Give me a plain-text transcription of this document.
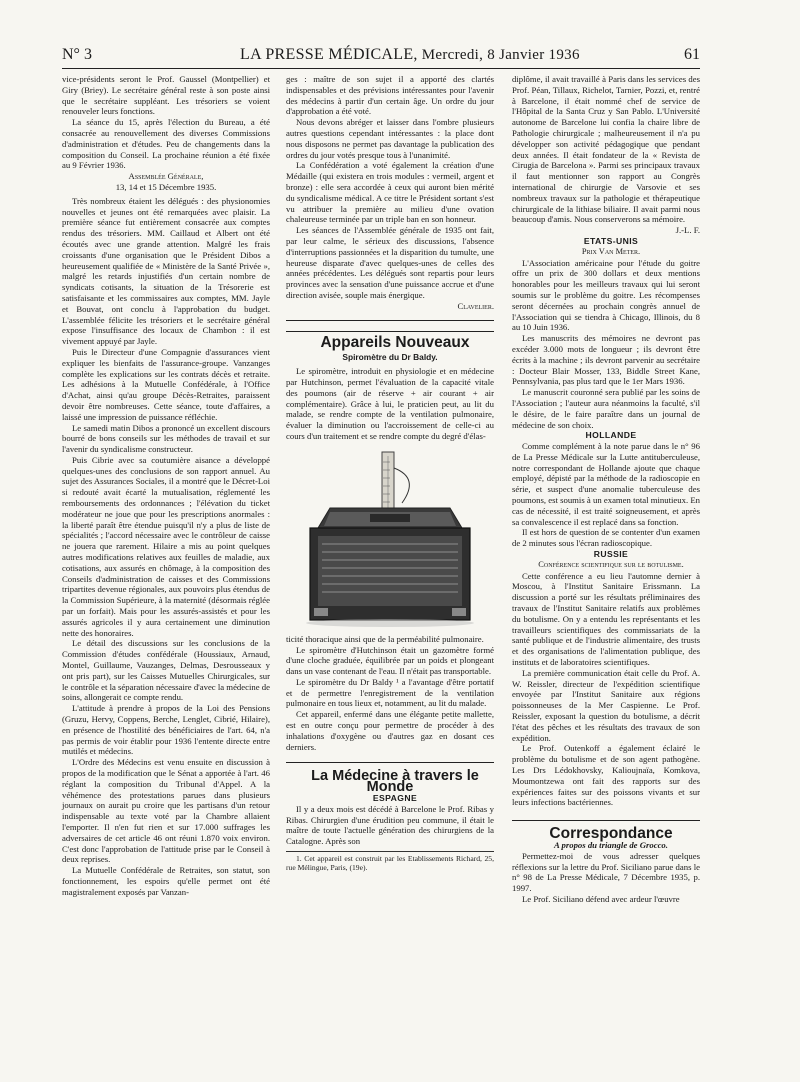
N° 3	LA PRESSE MÉDICALE, Mercredi, 8 Janvier 1936	61

vice-présidents seront le Prof. Gaussel (Montpellier) et Giry (Briey). Le secrétaire général reste à son poste ainsi que le secrétaire suppléant. Les trésoriers se voient renouveler leurs fonctions.

La séance du 15, après l'élection du Bureau, a été consacrée au renouvellement des diverses Commissions d'administration et d'études. Peu de changements dans la composition du Conseil. La prochaine réunion a été fixée au 9 Février 1936.

Assemblée Générale,

13, 14 et 15 Décembre 1935.

Très nombreux étaient les délégués : des physionomies nouvelles et jeunes ont été remarquées avec plaisir. La première séance fut entièrement consacrée aux comptes rendus des trésoriers. MM. Caillaud et Albert ont été écoutés avec une grande attention. Malgré les frais croissants d'une organisation que le Président Dibos a heureusement qualifiée de « Ministère de la Santé Privée », malgré les retards injustifiés d'un certain nombre de syndicats cotisants, la situation de la Trésorerie est satisfaisante et les commissaires aux comptes, MM. Jayle et Bouvat, ont conclu à l'approbation du budget. L'assemblée félicite les trésoriers et le secrétaire général expose l'insuffisance des locaux de Chambon : il est vivement appuyé par Jayle.

Puis le Directeur d'une Compagnie d'assurances vient expliquer les bienfaits de l'assurance-groupe. Vanzanges complète les explications sur les contrats décès et retraite. Les adhésions à la Mutuelle Confédérale, à l'Office d'Achat, ainsi qu'au groupe Décès-Retraites, paraissent devoir être nombreuses. Cette séance, toute d'affaires, a laissé une impression de puissance réfléchie.

Le samedi matin Dibos a prononcé un excellent discours bourré de bons conseils sur les méthodes de travail et sur l'avenir du syndicalisme constructeur.

Puis Cibrie avec sa coutumière aisance a développé quelques-unes des conclusions de son rapport annuel. Au sujet des Assurances Sociales, il a montré que le Décret-Loi si redouté avait écarté la mutualisation, réglementé les remboursements des ordonnances ; l'élévation du ticket modérateur ne joue que pour les prescriptions anormales : la liberté paraît être étendue puisqu'il n'y a plus de liste de spécialités ; l'accord nécessaire avec le contrôleur de caisse ne jouera que rarement. Hilaire a mis au point quelques autres modifications relatives aux feuilles de maladie, aux cotisations, aux assurés en chômage, à la composition des Conseils d'administration de caisses et des Commissions tripartites devenue régionales, aux pouvoirs plus étendus de la Commission Supérieure, à la maternité (désormais réglée par un forfait). Mais pour les assurés-assistés et pour les assurés agricoles il y aura certainement une diminution nette des honoraires.

Le détail des discussions sur les conclusions de la Commission d'études confédérale (Houssiaux, Arnaud, Montel, Guillaume, Vauzanges, Delmas, Desrousseaux y ont pris part), sur les Caisses Mutuelles Chirurgicales, sur le contrôle et la séparation nécessaire d'avec la médecine de soins, allongerait ce compte rendu.

L'attitude à prendre à propos de la Loi des Pensions (Gruzu, Hervy, Coppens, Berche, Lenglet, Cibrié, Hilaire), en présence de l'hostilité des bénéficiaires de l'art. 64, n'a pas permis de voir établir pour 1936 l'entente directe entre mutilés et médecins.

L'Ordre des Médecins est venu ensuite en discussion à propos de la modification que le Sénat a apportée à l'art. 46 réglant la composition du Tribunal d'Appel. A la véhémence des protestations parues dans plusieurs journaux on aurait pu croire que les partisans d'un retour indispensable au texte voté par la Chambre allaient l'emporter. Il n'en fut rien et sur 17.000 suffrages les adversaires de cet article 46 ont réuni 1.870 voix environ. C'est donc l'approbation de l'attitude prise par le Conseil à deux reprises.

La Mutuelle Confédérale de Retraites, son statut, son fonctionnement, les espoirs qu'elle permet ont été magistralement exposés par Vanzan-

ges : maître de son sujet il a apporté des clartés indispensables et des prévisions intéressantes pour l'avenir des médecins à partir d'un certain âge. Un ordre du jour d'approbation a été voté.

Nous devons abréger et laisser dans l'ombre plusieurs autres questions cependant intéressantes : la place dont nous disposons ne permet pas davantage la publication des ordres du jour votés presque tous à l'unanimité.

La Confédération a voté également la création d'une Médaille (qui existera en trois modules : vermeil, argent et bronze) : elle sera accordée à ceux qui auront bien mérité du syndicalisme médical. A ce titre le Président sortant s'est vu attribuer la première au milieu d'une ovation chaleureuse terminée par un triple ban en son honneur.

Les séances de l'Assemblée générale de 1935 ont fait, par leur calme, le sérieux des discussions, l'absence d'interruptions passionnées et la disparition du tumulte, une heureuse disparate d'avec quelques-unes de celles des années précédentes. Les délégués sont repartis pour leurs provinces avec la sensation d'une puissance accrue et d'une direction avisée, souple mais énergique.

Clavelier.

Appareils Nouveaux

Spiromètre du Dr Baldy.

Le spiromètre, introduit en physiologie et en médecine par Hutchinson, permet l'évaluation de la capacité vitale des poumons (air de réserve + air courant + air complémentaire). Grâce à lui, le praticien peut, au lit du malade, se rendre compte de la ventilation pulmonaire, évaluer la diminution ou l'accroissement de celle-ci au cours d'un traitement et se rendre compte du degré d'élas-

ticité thoracique ainsi que de la perméabilité pulmonaire.

Le spiromètre d'Hutchinson était un gazomètre formé d'une cloche graduée, équilibrée par un poids et plongeant dans un vase contenant de l'eau. Il n'était pas transportable.

Le spiromètre du Dr Baldy ¹ a l'avantage d'être portatif et de permettre l'enregistrement de la ventilation pulmonaire en tous lieux et, notamment, au lit du malade.

Cet appareil, enfermé dans une élégante petite mallette, est en outre conçu pour permettre de procéder à des inhalations d'oxygène ou d'autres gaz en dosant ces derniers.

La Médecine à travers le Monde

ESPAGNE

Il y a deux mois est décédé à Barcelone le Prof. Ribas y Ribas. Chirurgien d'une érudition peu commune, il était le maître de toute l'actuelle génération des chirurgiens de la Catalogne. Après son

1. Cet appareil est construit par les Etablissements Richard, 25, rue Mélingue, Paris, (19e).

diplôme, il avait travaillé à Paris dans les services des Prof. Péan, Tillaux, Richelot, Tarnier, Pozzi, et, rentré à Barcelone, il était nommé chef de service de l'Hôpital de la Santa Cruz y San Pablo. L'Université autonome de Barcelone lui confia la chaire libre de Pathologie chirurgicale ; malheureusement il n'a pu développer son activité pédagogique que pendant deux années. Il était fondateur de la « Revista de Cirugia de Barcelona ». Parmi ses principaux travaux il faut mentionner son rapport au Congrès international de chirurgie de Varsovie et ses nombreux travaux sur la pathologie et thérapeutique chirurgicale de la lithiase biliaire. Il avait parmi nous beaucoup d'amis. Nous conserverons sa mémoire.

J.-L. F.

ETATS-UNIS

Prix Van Meter.

L'Association américaine pour l'étude du goitre offre un prix de 300 dollars et deux mentions honorables pour les meilleurs travaux qui lui seront soumis sur le problème du goitre. Les récompenses seront décernées au prochain congrès annuel de l'Association qui se tiendra à Chicago, Illinois, du 8 au 10 Juin 1936.

Les manuscrits des mémoires ne devront pas excéder 3.000 mots de longueur ; ils devront être écrits à la machine ; ils devront parvenir au secrétaire : Docteur Blair Mosser, 133, Biddle Street Kane, Pennsylvania, pas plus tard que le 1er Mars 1936.

Le manuscrit couronné sera publié par les soins de l'Association ; l'auteur aura néanmoins la faculté, s'il le désire, de le faire paraître dans un journal de médecine de son choix.

HOLLANDE

Comme complément à la note parue dans le n° 96 de La Presse Médicale sur la Lutte antituberculeuse, notre correspondant de Hollande ajoute que chaque employé, dépisté par la méthode de la radioscopie en série, et suspect d'une anomalie tuberculeuse des poumons, est soumis à un examen total minutieux. En cas de nécessité, il est traité soigneusement, et après sa convalescence il est replacé dans sa fonction.

Il est hors de question de se contenter d'un examen de 2 minutes sous l'écran radioscopique.

RUSSIE

Conférence scientifique sur le botulisme.

Cette conférence a eu lieu l'automne dernier à Moscou, à l'Institut Sanitaire Erissmann. La discussion a porté sur les résultats préliminaires des travaux de l'Institut Sanitaire relatifs aux problèmes du botulisme. On y a entendu les représentants et les travailleurs scientifiques des commissariats de la santé publique et de l'industrie alimentaire, des trusts et des organisations de l'alimentation publique, des instituts et de laboratoires scientifiques.

La première communication était celle du Prof. A. W. Reissler, directeur de l'expédition scientifique envoyée par l'Institut Sanitaire aux régions poissonneuses de la Mer Caspienne. Le Prof. Reissler, exposant la question du botulisme, a décrit l'état des pêches et les résultats des travaux de son expédition.

Le Prof. Outenkoff a également éclairé le problème du botulisme et de son agent pathogène. Les Drs Lédokhovsky, Kalioujnaïa, Komkova, Moumontzewa ont fait des rapports sur des expériences faites sur des poissons vivants et sur leurs infections bactériennes.

Correspondance

A propos du triangle de Grocco.

Permettez-moi de vous adresser quelques réflexions sur la lettre du Prof. Siciliano parue dans le n° 98 de La Presse Médicale, 7 Décembre 1935, p. 1997.

Le Prof. Siciliano défend avec ardeur l'œuvre
